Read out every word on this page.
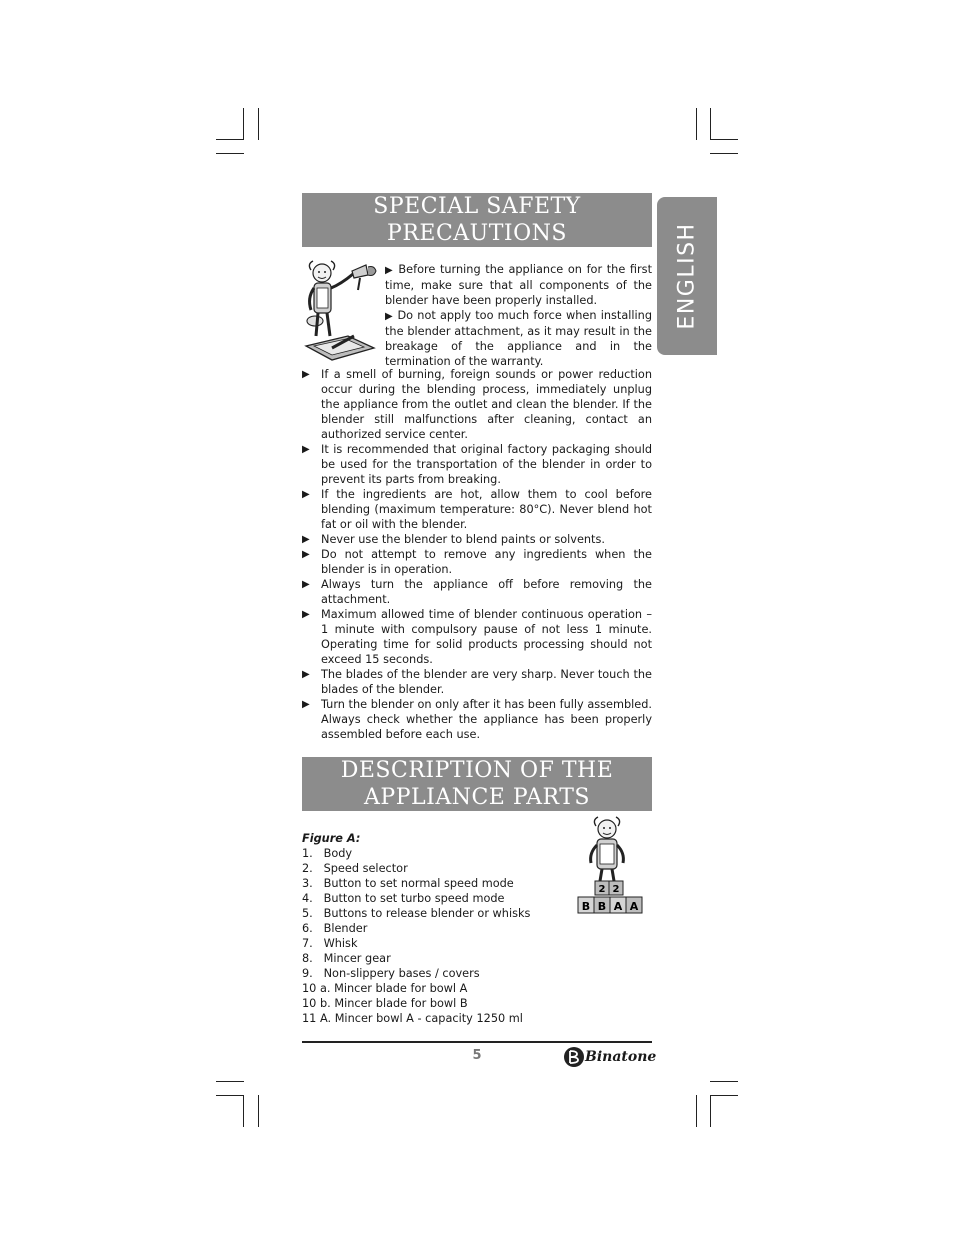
ENGLISH
SPECIAL SAFETY
PRECAUTIONS

▶ Before turning the appliance on for the first time, make sure that all components of the blender have been properly installed.

▶ Do not apply too much force when installing the blender attachment, as it may result in the breakage of the appliance and in the termination of the warranty.

▶ If a smell of burning, foreign sounds or power reduction occur during the blending process, immediately unplug the appliance from the outlet and clean the blender. If the blender still malfunctions after cleaning, contact an authorized service center.
▶ It is recommended that original factory packaging should be used for the transportation of the blender in order to prevent its parts from breaking.
▶ If the ingredients are hot, allow them to cool before blending (maximum temperature: 80°C). Never blend hot fat or oil with the blender.
▶ Never use the blender to blend paints or solvents.
▶ Do not attempt to remove any ingredients when the blender is in operation.
▶ Always turn the appliance off before removing the attachment.
▶ Maximum allowed time of blender continuous operation – 1 minute with compulsory pause of not less 1 minute. Operating time for solid products processing should not exceed 15 seconds.
▶ The blades of the blender are very sharp. Never touch the blades of the blender.
▶ Turn the blender on only after it has been fully assembled. Always check whether the appliance has been properly assembled before each use.
DESCRIPTION OF THE
APPLIANCE PARTS
Figure A:
1.
Body
2.
Speed selector
3.
Button to set normal speed mode
4.
Button to set turbo speed mode
5.
Buttons to release blender or whisks
6.
Blender
7.
Whisk
8.
Mincer gear
9.
Non-slippery bases / covers
10 a.
Mincer blade for bowl A
10 b.
Mincer blade for bowl B
11 A.
Mincer bowl A - capacity 1250 ml
2 2
B B A A
5	Binatone
